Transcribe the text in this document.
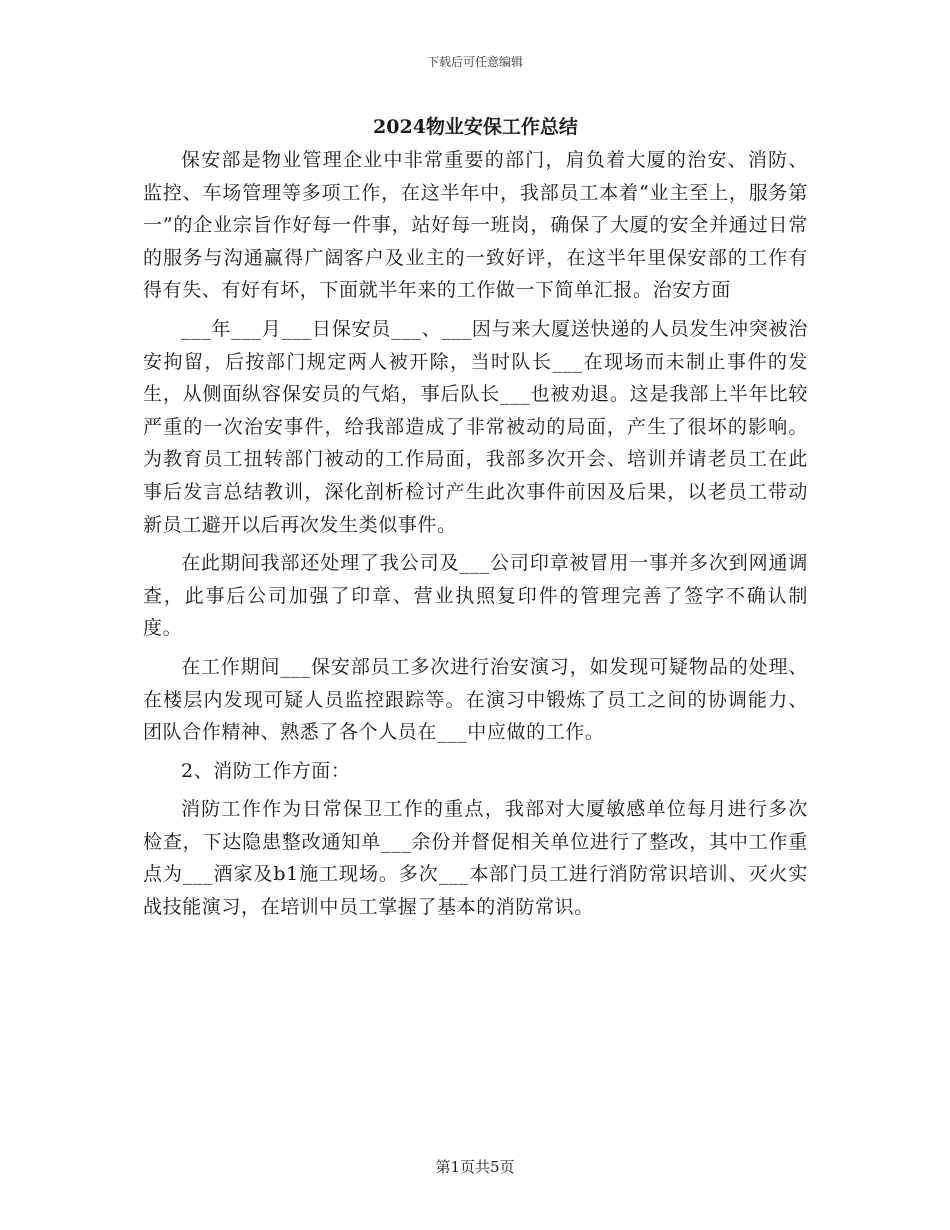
下载后可任意编辑
2024物业安保工作总结

保安部是物业管理企业中非常重要的部门，肩负着大厦的治安、消防、监控、车场管理等多项工作，在这半年中，我部员工本着“业主至上，服务第一”的企业宗旨作好每一件事，站好每一班岗，确保了大厦的安全并通过日常的服务与沟通赢得广阔客户及业主的一致好评，在这半年里保安部的工作有得有失、有好有坏，下面就半年来的工作做一下简单汇报。治安方面

___年___月___日保安员___、___因与来大厦送快递的人员发生冲突被治安拘留，后按部门规定两人被开除，当时队长___在现场而未制止事件的发生，从侧面纵容保安员的气焰，事后队长___也被劝退。这是我部上半年比较严重的一次治安事件，给我部造成了非常被动的局面，产生了很坏的影响。为教育员工扭转部门被动的工作局面，我部多次开会、培训并请老员工在此事后发言总结教训，深化剖析检讨产生此次事件前因及后果，以老员工带动新员工避开以后再次发生类似事件。

在此期间我部还处理了我公司及___公司印章被冒用一事并多次到网通调查，此事后公司加强了印章、营业执照复印件的管理完善了签字不确认制度。

在工作期间___保安部员工多次进行治安演习，如发现可疑物品的处理、在楼层内发现可疑人员监控跟踪等。在演习中锻炼了员工之间的协调能力、团队合作精神、熟悉了各个人员在___中应做的工作。

2、消防工作方面：

消防工作作为日常保卫工作的重点，我部对大厦敏感单位每月进行多次检查，下达隐患整改通知单___余份并督促相关单位进行了整改，其中工作重点为___酒家及b1施工现场。多次___本部门员工进行消防常识培训、灭火实战技能演习，在培训中员工掌握了基本的消防常识。

第1页共5页
